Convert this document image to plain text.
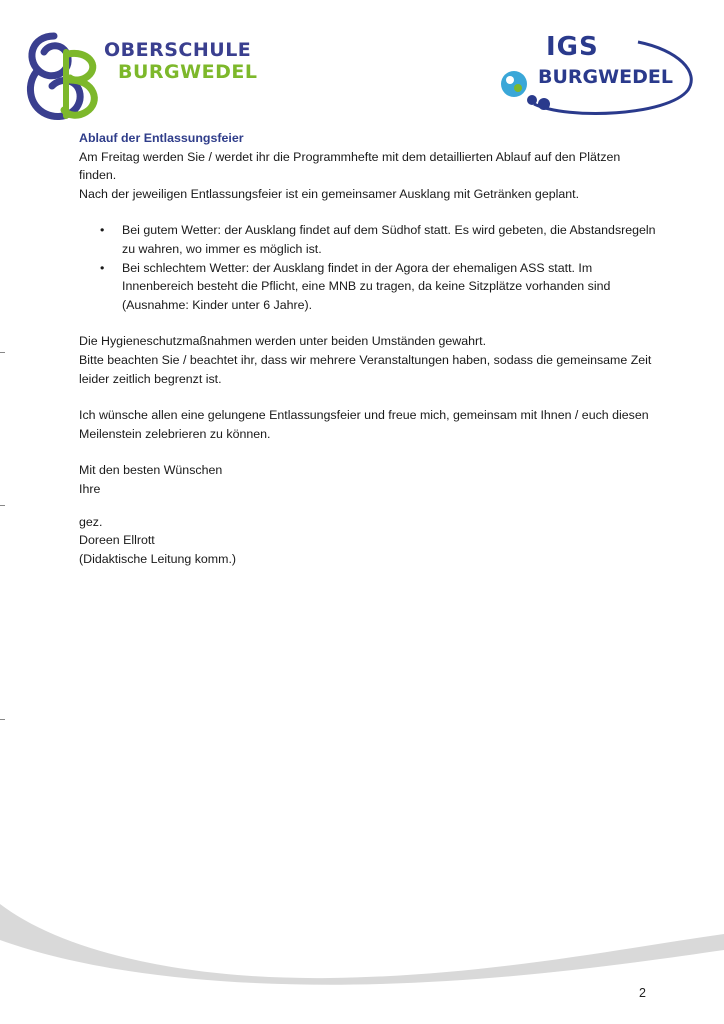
OBERSCHULE
BURGWEDEL
IGS
BURGWEDEL

Ablauf der Entlassungsfeier

Am Freitag werden Sie / werdet ihr die Programmhefte mit dem detaillierten Ablauf auf den Plätzen finden.

Nach der jeweiligen Entlassungsfeier ist ein gemeinsamer Ausklang mit Getränken geplant.

• Bei gutem Wetter: der Ausklang findet auf dem Südhof statt. Es wird gebeten, die Abstandsregeln zu wahren, wo immer es möglich ist.
• Bei schlechtem Wetter: der Ausklang findet in der Agora der ehemaligen ASS statt. Im Innenbereich besteht die Pflicht, eine MNB zu tragen, da keine Sitzplätze vorhanden sind (Ausnahme: Kinder unter 6 Jahre).

Die Hygieneschutzmaßnahmen werden unter beiden Umständen gewahrt.

Bitte beachten Sie / beachtet ihr, dass wir mehrere Veranstaltungen haben, sodass die gemeinsame Zeit leider zeitlich begrenzt ist.

Ich wünsche allen eine gelungene Entlassungsfeier und freue mich, gemeinsam mit Ihnen / euch diesen Meilenstein zelebrieren zu können.

Mit den besten Wünschen

Ihre

gez.

Doreen Ellrott

(Didaktische Leitung komm.)

2
